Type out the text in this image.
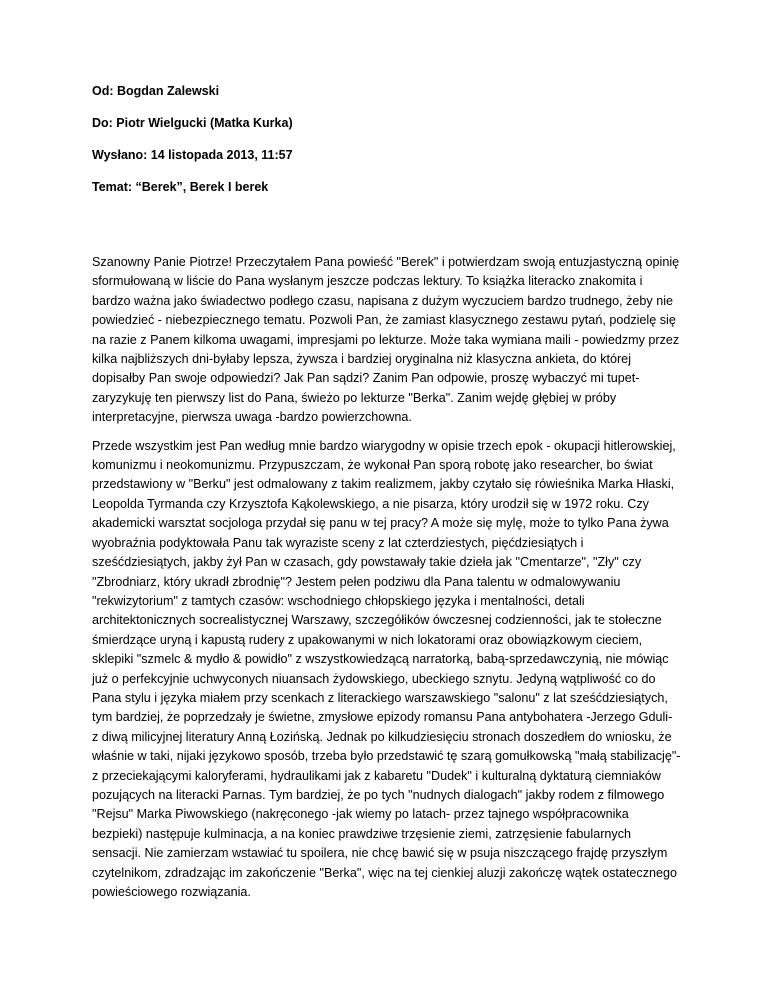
Od: Bogdan Zalewski

Do: Piotr Wielgucki (Matka Kurka)

Wysłano: 14 listopada 2013, 11:57

Temat: “Berek”, Berek I berek

Szanowny Panie Piotrze! Przeczytałem Pana powieść "Berek" i potwierdzam swoją entuzjastyczną opinię sformułowaną w liście do Pana wysłanym jeszcze podczas lektury. To książka literacko znakomita i bardzo ważna jako świadectwo podłego czasu, napisana z dużym wyczuciem bardzo trudnego, żeby nie powiedzieć - niebezpiecznego tematu. Pozwoli Pan, że zamiast klasycznego zestawu pytań, podzielę się na razie z Panem kilkoma uwagami, impresjami po lekturze. Może taka wymiana maili - powiedzmy przez kilka najbliższych dni-byłaby lepsza, żywsza i bardziej oryginalna niż klasyczna ankieta, do której dopisałby Pan swoje odpowiedzi? Jak Pan sądzi? Zanim Pan odpowie, proszę wybaczyć mi tupet- zaryzykuję ten pierwszy list do Pana, świeżo po lekturze "Berka". Zanim wejdę głębiej w próby interpretacyjne, pierwsza uwaga -bardzo powierzchowna.

Przede wszystkim jest Pan według mnie bardzo wiarygodny w opisie trzech epok - okupacji hitlerowskiej, komunizmu i neokomunizmu. Przypuszczam, że wykonał Pan sporą robotę jako researcher, bo świat przedstawiony w "Berku" jest odmalowany z takim realizmem, jakby czytało się rówieśnika Marka Hłaski, Leopolda Tyrmanda czy Krzysztofa Kąkolewskiego, a nie pisarza, który urodził się w 1972 roku. Czy akademicki warsztat socjologa przydał się panu w tej pracy? A może się mylę, może to tylko Pana żywa wyobraźnia podyktowała Panu tak wyraziste sceny z lat czterdziestych, pięćdziesiątych i sześćdziesiątych, jakby żył Pan w czasach, gdy powstawały takie dzieła jak "Cmentarze", "Zły" czy "Zbrodniarz, który ukradł zbrodnię"? Jestem pełen podziwu dla Pana talentu w odmalowywaniu "rekwizytorium" z tamtych czasów: wschodniego chłopskiego języka i mentalności, detali architektonicznych socrealistycznej Warszawy, szczegółików ówczesnej codzienności, jak te stołeczne śmierdzące uryną i kapustą rudery z upakowanymi w nich lokatorami oraz obowiązkowym cieciem, sklepiki "szmelc & mydło & powidło" z wszystkowiedzącą narratorką, babą-sprzedawczynią, nie mówiąc już o perfekcyjnie uchwyconych niuansach żydowskiego, ubeckiego sznytu. Jedyną wątpliwość co do Pana stylu i języka miałem przy scenkach z literackiego warszawskiego "salonu" z lat sześćdziesiątych, tym bardziej, że poprzedzały je świetne, zmysłowe epizody romansu Pana antybohatera -Jerzego Gduli- z diwą milicyjnej literatury Anną Łozińską. Jednak po kilkudziesięciu stronach doszedłem do wniosku, że właśnie w taki, nijaki językowo sposób, trzeba było przedstawić tę szarą gomułkowską "małą stabilizację"- z przeciekającymi kaloryferami, hydraulikami jak z kabaretu "Dudek" i kulturalną dyktaturą ciemniaków pozujących na literacki Parnas. Tym bardziej, że po tych "nudnych dialogach" jakby rodem z filmowego "Rejsu" Marka Piwowskiego (nakręconego -jak wiemy po latach- przez tajnego współpracownika bezpieki) następuje kulminacja, a na koniec prawdziwe trzęsienie ziemi, zatrzęsienie fabularnych sensacji. Nie zamierzam wstawiać tu spoilera, nie chcę bawić się w psuja niszczącego frajdę przyszłym czytelnikom, zdradzając im zakończenie "Berka", więc na tej cienkiej aluzji zakończę wątek ostatecznego powieściowego rozwiązania.
